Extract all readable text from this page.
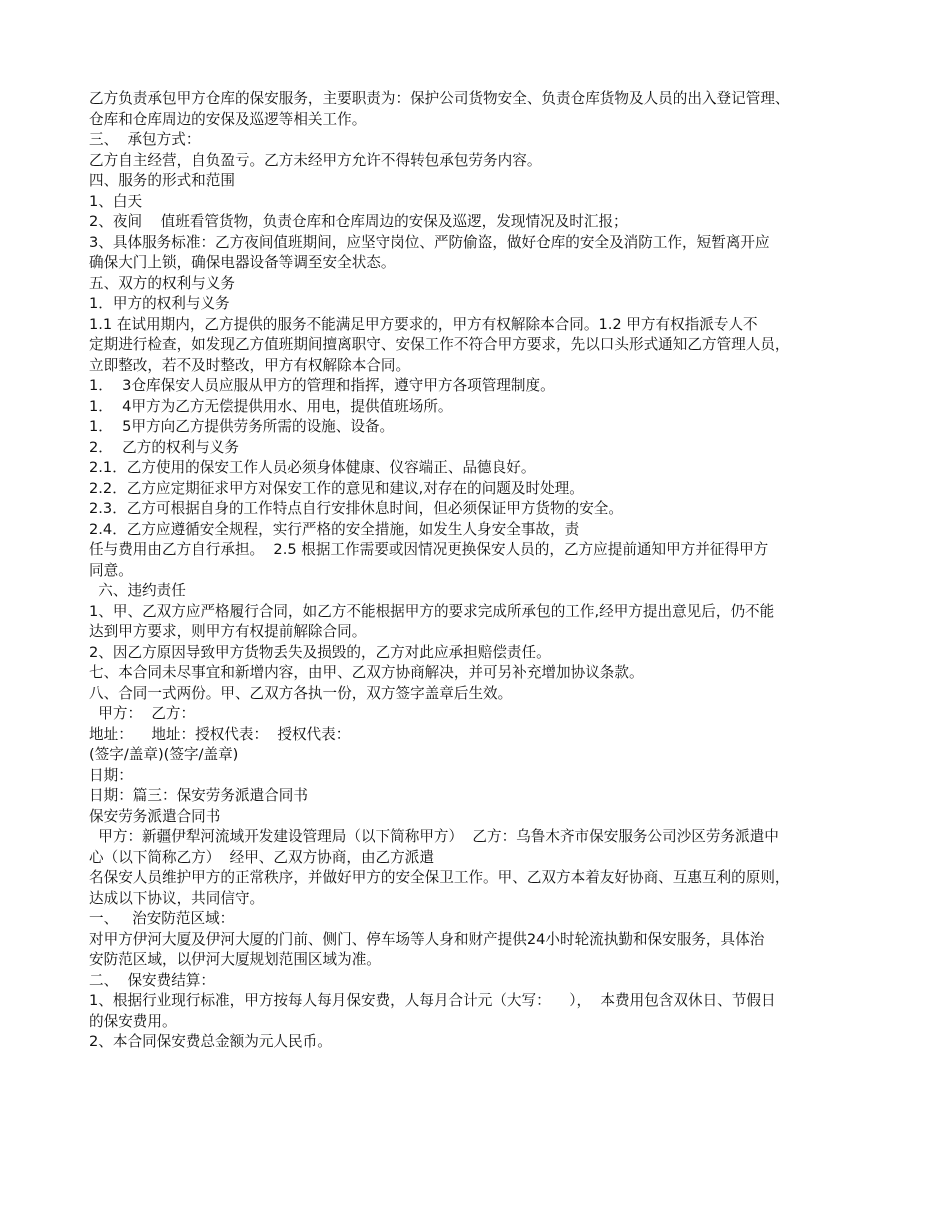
乙方负责承包甲方仓库的保安服务，主要职责为：保护公司货物安全、负责仓库货物及人员的出入登记管理、
仓库和仓库周边的安保及巡逻等相关工作。
三、  承包方式：
乙方自主经营，自负盈亏。乙方未经甲方允许不得转包承包劳务内容。
四、服务的形式和范围
1、白天
2、夜间    值班看管货物，负责仓库和仓库周边的安保及巡逻，发现情况及时汇报；
3、具体服务标准：乙方夜间值班期间，应坚守岗位、严防偷盗，做好仓库的安全及消防工作，短暂离开应
确保大门上锁，确保电器设备等调至安全状态。
五、双方的权利与义务
1．甲方的权利与义务
1.1 在试用期内，乙方提供的服务不能满足甲方要求的，甲方有权解除本合同。1.2 甲方有权指派专人不
定期进行检查，如发现乙方值班期间擅离职守、安保工作不符合甲方要求，先以口头形式通知乙方管理人员，
立即整改，若不及时整改，甲方有权解除本合同。
1．  3仓库保安人员应服从甲方的管理和指挥，遵守甲方各项管理制度。
1．  4甲方为乙方无偿提供用水、用电，提供值班场所。
1．  5甲方向乙方提供劳务所需的设施、设备。
2．  乙方的权利与义务
2.1．乙方使用的保安工作人员必须身体健康、仪容端正、品德良好。
2.2．乙方应定期征求甲方对保安工作的意见和建议,对存在的问题及时处理。
2.3．乙方可根据自身的工作特点自行安排休息时间，但必须保证甲方货物的安全。
2.4．乙方应遵循安全规程，实行严格的安全措施，如发生人身安全事故，责
任与费用由乙方自行承担。  2.5 根据工作需要或因情况更换保安人员的，乙方应提前通知甲方并征得甲方
同意。
六、违约责任
1、甲、乙双方应严格履行合同，如乙方不能根据甲方的要求完成所承包的工作,经甲方提出意见后，仍不能
达到甲方要求，则甲方有权提前解除合同。
2、因乙方原因导致甲方货物丢失及损毁的，乙方对此应承担赔偿责任。
七、本合同未尽事宜和新增内容，由甲、乙双方协商解决，并可另补充增加协议条款。
八、合同一式两份。甲、乙双方各执一份，双方签字盖章后生效。
甲方：  乙方：
地址：    地址：授权代表：  授权代表：
(签字/盖章)(签字/盖章)
日期：
日期：篇三：保安劳务派遣合同书
保安劳务派遣合同书
甲方：新疆伊犁河流域开发建设管理局（以下简称甲方）  乙方：乌鲁木齐市保安服务公司沙区劳务派遣中
心（以下简称乙方）  经甲、乙双方协商，由乙方派遣
名保安人员维护甲方的正常秩序，并做好甲方的安全保卫工作。甲、乙双方本着友好协商、互惠互利的原则，
达成以下协议，共同信守。
一、   治安防范区域：
对甲方伊河大厦及伊河大厦的门前、侧门、停车场等人身和财产提供24小时轮流执勤和保安服务，具体治
安防范区域，以伊河大厦规划范围区域为准。
二、  保安费结算：
1、根据行业现行标准，甲方按每人每月保安费，人每月合计元（大写：    ），  本费用包含双休日、节假日
的保安费用。
2、本合同保安费总金额为元人民币。
